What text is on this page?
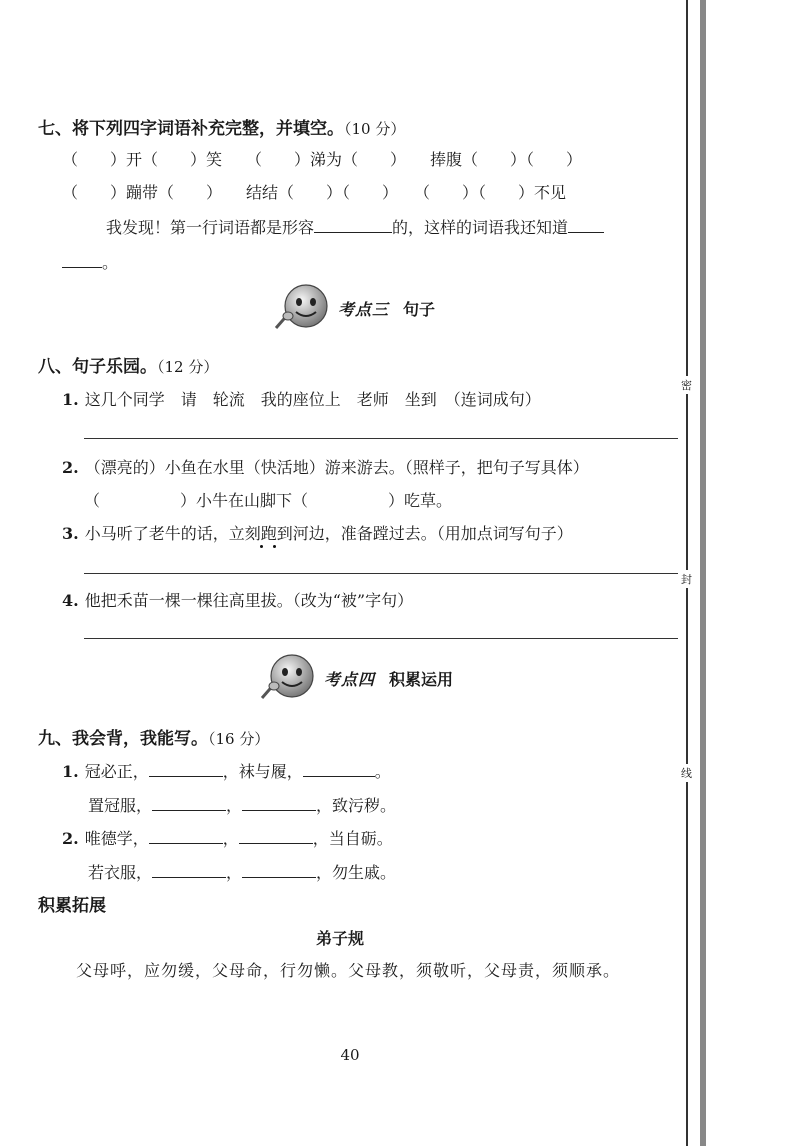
七、将下列四字词语补充完整，并填空。（10 分）
（　　）开（　　）笑　　（　　）涕为（　　）　　捧腹（　　）（　　）
（　　）蹦带（　　）　　结结（　　）（　　）　　（　　）（　　）不见
我发现！第一行词语都是形容	的，这样的词语我还知道
。
考点三 句子
八、句子乐园。（12 分）
1. 这几个同学　请　轮流　我的座位上　老师　坐到　（连词成句）
2. （漂亮的）小鱼在水里（快活地）游来游去。（照样子，把句子写具体）
（　　　　　）小牛在山脚下（　　　　　）吃草。
3. 小马听了老牛的话，立刻跑到河边，准备蹚过去。（用加点词写句子）
4. 他把禾苗一棵一棵往高里拔。（改为“被”字句）
考点四 积累运用
九、我会背，我能写。（16 分）
1. 冠必正，	，袜与履，	。
置冠服，	，	，致污秽。
2. 唯德学，	，	，当自砺。
若衣服，	，	，勿生戚。
积累拓展
弟子规
父母呼，应勿缓，父母命，行勿懒。父母教，须敬听，父母责，须顺承。
40
密
封
线
